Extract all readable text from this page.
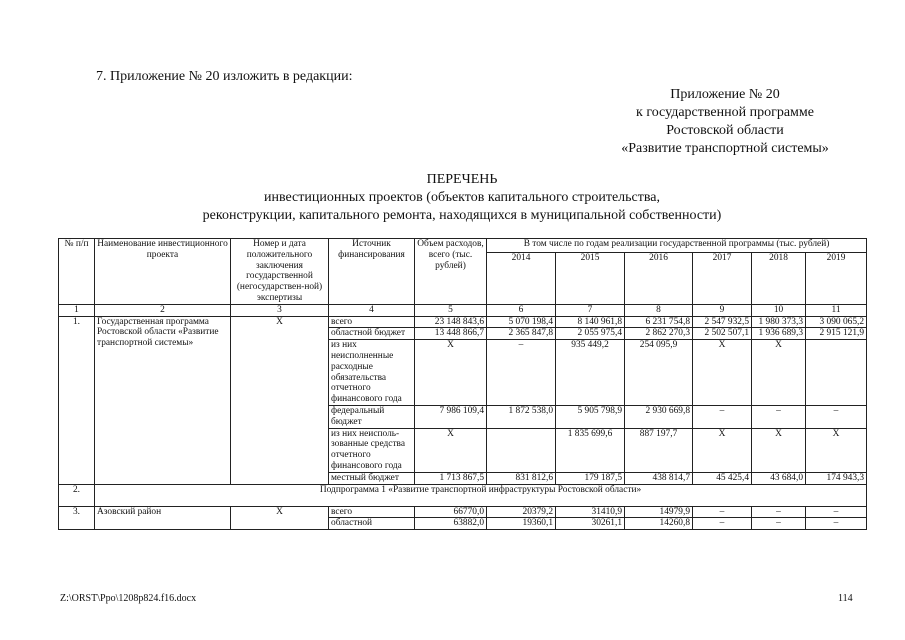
7. Приложение № 20 изложить в редакции:
Приложение № 20
к государственной программе
Ростовской области
«Развитие транспортной системы»
ПЕРЕЧЕНЬ
инвестиционных проектов (объектов капитального строительства,
реконструкции, капитального ремонта, находящихся в муниципальной собственности)
№ п/п	Наименование инвестиционного проекта	Номер и дата положительного заключения государственной (негосударствен-ной) экспертизы	Источник финансирования	Объем расходов, всего (тыс. рублей)	В том числе по годам реализации государственной программы (тыс. рублей)					
					2014	2015	2016	2017	2018	2019
1	2	3	4	5	6	7	8	9	10	11
1.	Государственная программа Ростовской области «Развитие транспортной системы»	Х	всего	23 148 843,6	5 070 198,4	8 140 961,8	6 231 754,8	2 547 932,5	1 980 373,3	3 090 065,2
			областной бюджет	13 448 866,7	2 365 847,8	2 055 975,4	2 862 270,3	2 502 507,1	1 936 689,3	2 915 121,9
			из них неисполненные расходные обязательства отчетного финансового года	Х	–	935 449,2	254 095,9	Х	Х	
			федеральный бюджет	7 986 109,4	1 872 538,0	5 905 798,9	2 930 669,8	–	–	–
			из них неисполь-зованные средства отчетного финансового года	Х		1 835 699,6	887 197,7	Х	Х	Х
			местный бюджет	1 713 867,5	831 812,6	179 187,5	438 814,7	45 425,4	43 684,0	174 943,3
2.	Подпрограмма 1 «Развитие транспортной инфраструктуры Ростовской области»									
3.	Азовский район	Х	всего	66770,0	20379,2	31410,9	14979,9	–	–	–
			областной	63882,0	19360,1	30261,1	14260,8	–	–	–
Z:\ORST\Ppo\1208p824.f16.docx	114
